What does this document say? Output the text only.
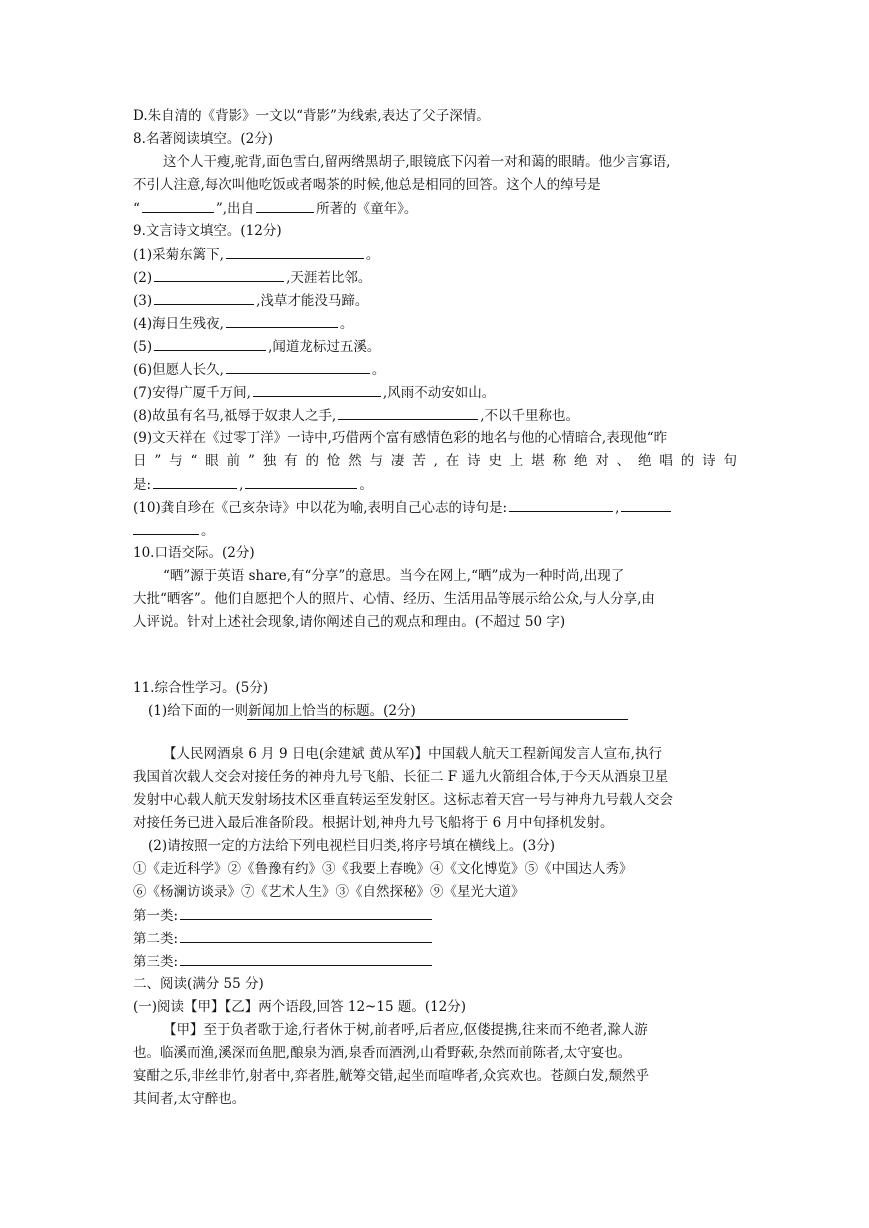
D.朱自清的《背影》一文以“背影”为线索,表达了父子深情。
8.名著阅读填空。(2分)
这个人干瘦,驼背,面色雪白,留两绺黑胡子,眼镜底下闪着一对和蔼的眼睛。他少言寡语,
不引人注意,每次叫他吃饭或者喝茶的时候,他总是相同的回答。这个人的绰号是
“	”,出自	所著的《童年》。
9.文言诗文填空。(12分)
(1)采菊东篱下,	。
(2)	,天涯若比邻。
(3)	,浅草才能没马蹄。
(4)海日生残夜,	。
(5)	,闻道龙标过五溪。
(6)但愿人长久,	。
(7)安得广厦千万间,	,风雨不动安如山。
(8)故虽有名马,祗辱于奴隶人之手,	,不以千里称也。
(9)文天祥在《过零丁洋》一诗中,巧借两个富有感情色彩的地名与他的心情暗合,表现他“昨
日”与“眼前”独有的怆然与凄苦,在诗史上堪称绝对、绝唱的诗句
是:	,	。
(10)龚自珍在《己亥杂诗》中以花为喻,表明自己心志的诗句是:	,
。
10.口语交际。(2分)
“晒”源于英语 share,有“分享”的意思。当今在网上,“晒”成为一种时尚,出现了
大批“晒客”。他们自愿把个人的照片、心情、经历、生活用品等展示给公众,与人分享,由
人评说。针对上述社会现象,请你阐述自己的观点和理由。(不超过 50 字)
11.综合性学习。(5分)
(1)给下面的一则新闻加上恰当的标题。(2分)
【人民网酒泉 6 月 9 日电(余建斌 黄从军)】中国载人航天工程新闻发言人宣布,执行
我国首次载人交会对接任务的神舟九号飞船、长征二 F 遥九火箭组合体,于今天从酒泉卫星
发射中心载人航天发射场技术区垂直转运至发射区。这标志着天宫一号与神舟九号载人交会
对接任务已进入最后准备阶段。根据计划,神舟九号飞船将于 6 月中旬择机发射。
(2)请按照一定的方法给下列电视栏目归类,将序号填在横线上。(3分)
①《走近科学》②《鲁豫有约》③《我要上春晚》④《文化博览》⑤《中国达人秀》
⑥《杨澜访谈录》⑦《艺术人生》③《自然探秘》⑨《星光大道》
第一类:
第二类:
第三类:
二、阅读(满分 55 分)
(一)阅读【甲】【乙】两个语段,回答 12~15 题。(12分)
【甲】至于负者歌于途,行者休于树,前者呼,后者应,伛偻提携,往来而不绝者,滁人游
也。临溪而渔,溪深而鱼肥,酿泉为酒,泉香而酒洌,山肴野蔌,杂然而前陈者,太守宴也。
宴酣之乐,非丝非竹,射者中,弈者胜,觥筹交错,起坐而喧哗者,众宾欢也。苍颜白发,颓然乎
其间者,太守醉也。
